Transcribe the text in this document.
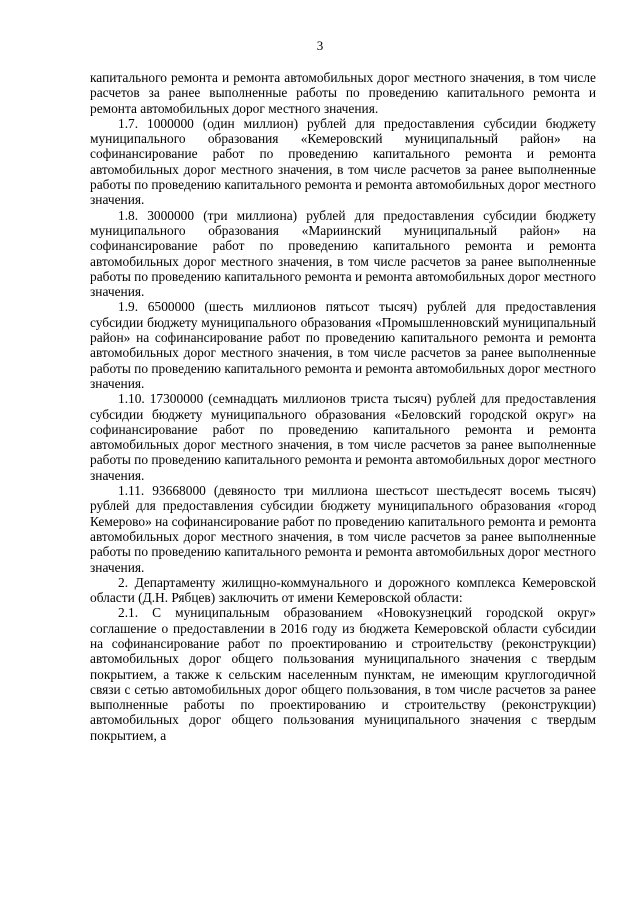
3

капитального ремонта и ремонта автомобильных дорог местного значения, в том числе расчетов за ранее выполненные работы по проведению капитального ремонта и ремонта автомобильных дорог местного значения.

1.7. 1000000 (один миллион) рублей для предоставления субсидии бюджету муниципального образования «Кемеровский муниципальный район» на софинансирование работ по проведению капитального ремонта и ремонта автомобильных дорог местного значения, в том числе расчетов за ранее выполненные работы по проведению капитального ремонта и ремонта автомобильных дорог местного значения.

1.8. 3000000 (три миллиона) рублей для предоставления субсидии бюджету муниципального образования «Мариинский муниципальный район» на софинансирование работ по проведению капитального ремонта и ремонта автомобильных дорог местного значения, в том числе расчетов за ранее выполненные работы по проведению капитального ремонта и ремонта автомобильных дорог местного значения.

1.9. 6500000 (шесть миллионов пятьсот тысяч) рублей для предоставления субсидии бюджету муниципального образования «Промышленновский муниципальный район» на софинансирование работ по проведению капитального ремонта и ремонта автомобильных дорог местного значения, в том числе расчетов за ранее выполненные работы по проведению капитального ремонта и ремонта автомобильных дорог местного значения.

1.10. 17300000 (семнадцать миллионов триста тысяч) рублей для предоставления субсидии бюджету муниципального образования «Беловский городской округ» на софинансирование работ по проведению капитального ремонта и ремонта автомобильных дорог местного значения, в том числе расчетов за ранее выполненные работы по проведению капитального ремонта и ремонта автомобильных дорог местного значения.

1.11. 93668000 (девяносто три миллиона шестьсот шестьдесят восемь тысяч) рублей для предоставления субсидии бюджету муниципального образования «город Кемерово» на софинансирование работ по проведению капитального ремонта и ремонта автомобильных дорог местного значения, в том числе расчетов за ранее выполненные работы по проведению капитального ремонта и ремонта автомобильных дорог местного значения.

2. Департаменту жилищно-коммунального и дорожного комплекса Кемеровской области (Д.Н. Рябцев) заключить от имени Кемеровской области:

2.1. С муниципальным образованием «Новокузнецкий городской округ» соглашение о предоставлении в 2016 году из бюджета Кемеровской области субсидии на софинансирование работ по проектированию и строительству (реконструкции) автомобильных дорог общего пользования муниципального значения с твердым покрытием, а также к сельским населенным пунктам, не имеющим круглогодичной связи с сетью автомобильных дорог общего пользования, в том числе расчетов за ранее выполненные работы по проектированию и строительству (реконструкции) автомобильных дорог общего пользования муниципального значения с твердым покрытием, а
